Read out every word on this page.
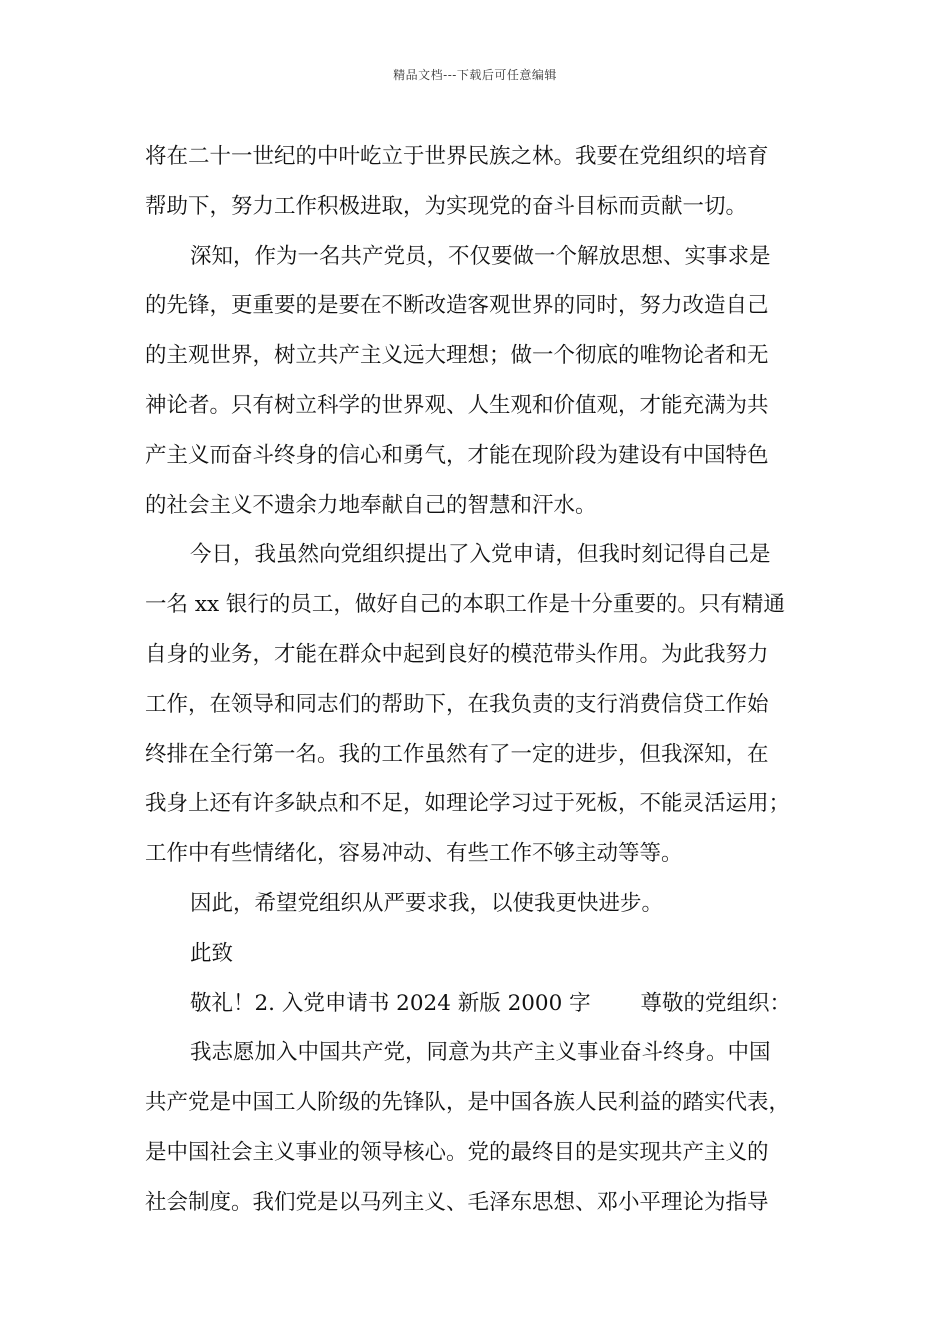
精品文档---下载后可任意编辑
将在二十一世纪的中叶屹立于世界民族之林。我要在党组织的培育
帮助下，努力工作积极进取，为实现党的奋斗目标而贡献一切。
深知，作为一名共产党员，不仅要做一个解放思想、实事求是
的先锋，更重要的是要在不断改造客观世界的同时，努力改造自己
的主观世界，树立共产主义远大理想；做一个彻底的唯物论者和无
神论者。只有树立科学的世界观、人生观和价值观，才能充满为共
产主义而奋斗终身的信心和勇气，才能在现阶段为建设有中国特色
的社会主义不遗余力地奉献自己的智慧和汗水。
今日，我虽然向党组织提出了入党申请，但我时刻记得自己是
一名 xx 银行的员工，做好自己的本职工作是十分重要的。只有精通
自身的业务，才能在群众中起到良好的模范带头作用。为此我努力
工作，在领导和同志们的帮助下，在我负责的支行消费信贷工作始
终排在全行第一名。我的工作虽然有了一定的进步，但我深知，在
我身上还有许多缺点和不足，如理论学习过于死板，不能灵活运用；
工作中有些情绪化，容易冲动、有些工作不够主动等等。
因此，希望党组织从严要求我，以使我更快进步。
此致
敬礼！2. 入党申请书 2024 新版 2000 字　　 尊敬的党组织：
我志愿加入中国共产党，同意为共产主义事业奋斗终身。中国
共产党是中国工人阶级的先锋队，是中国各族人民利益的踏实代表，
是中国社会主义事业的领导核心。党的最终目的是实现共产主义的
社会制度。我们党是以马列主义、毛泽东思想、邓小平理论为指导
